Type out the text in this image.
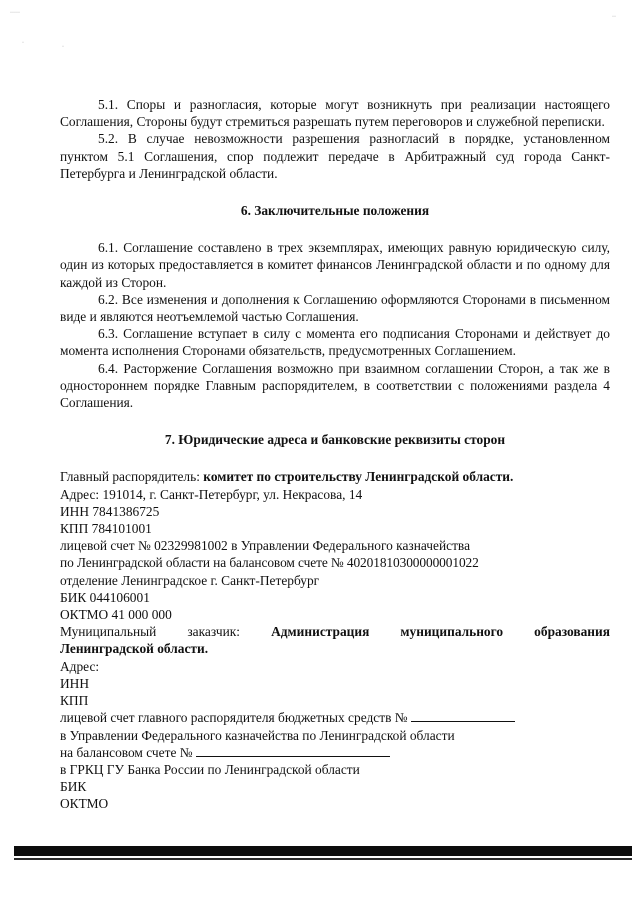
·····
·
·
··

5.1. Споры и разногласия, которые могут возникнуть при реализации настоящего Соглашения, Стороны будут стремиться разрешать путем переговоров и служебной переписки.

5.2. В случае невозможности разрешения разногласий в порядке, установленном пунктом 5.1 Соглашения, спор подлежит передаче в Арбитражный суд города Санкт-Петербурга и Ленинградской области.

6. Заключительные положения

6.1. Соглашение составлено в трех экземплярах, имеющих равную юридическую силу, один из которых предоставляется в комитет финансов Ленинградской области и по одному для каждой из Сторон.

6.2. Все изменения и дополнения к Соглашению оформляются Сторонами в письменном виде и являются неотъемлемой частью Соглашения.

6.3. Соглашение вступает в силу с момента его подписания Сторонами и действует до момента исполнения Сторонами обязательств, предусмотренных Соглашением.

6.4. Расторжение Соглашения возможно при взаимном соглашении Сторон, а так же в одностороннем порядке Главным распорядителем, в соответствии с положениями раздела 4 Соглашения.

7. Юридические адреса и банковские реквизиты сторон
Главный распорядитель: комитет по строительству Ленинградской области.
Адрес: 191014, г. Санкт-Петербург, ул. Некрасова, 14
ИНН 7841386725
КПП 784101001
лицевой счет № 02329981002 в Управлении Федерального казначейства
по Ленинградской области на балансовом счете № 40201810300000001022
отделение Ленинградское г. Санкт-Петербург
БИК 044106001
ОКТМО 41 000 000
Муниципальный заказчик: Администрация муниципального образования
Ленинградской области.
Адрес:
ИНН
КПП
лицевой счет главного распорядителя бюджетных средств №
в Управлении Федерального казначейства по Ленинградской области
на балансовом счете №
в ГРКЦ ГУ Банка России по Ленинградской области
БИК
ОКТМО
